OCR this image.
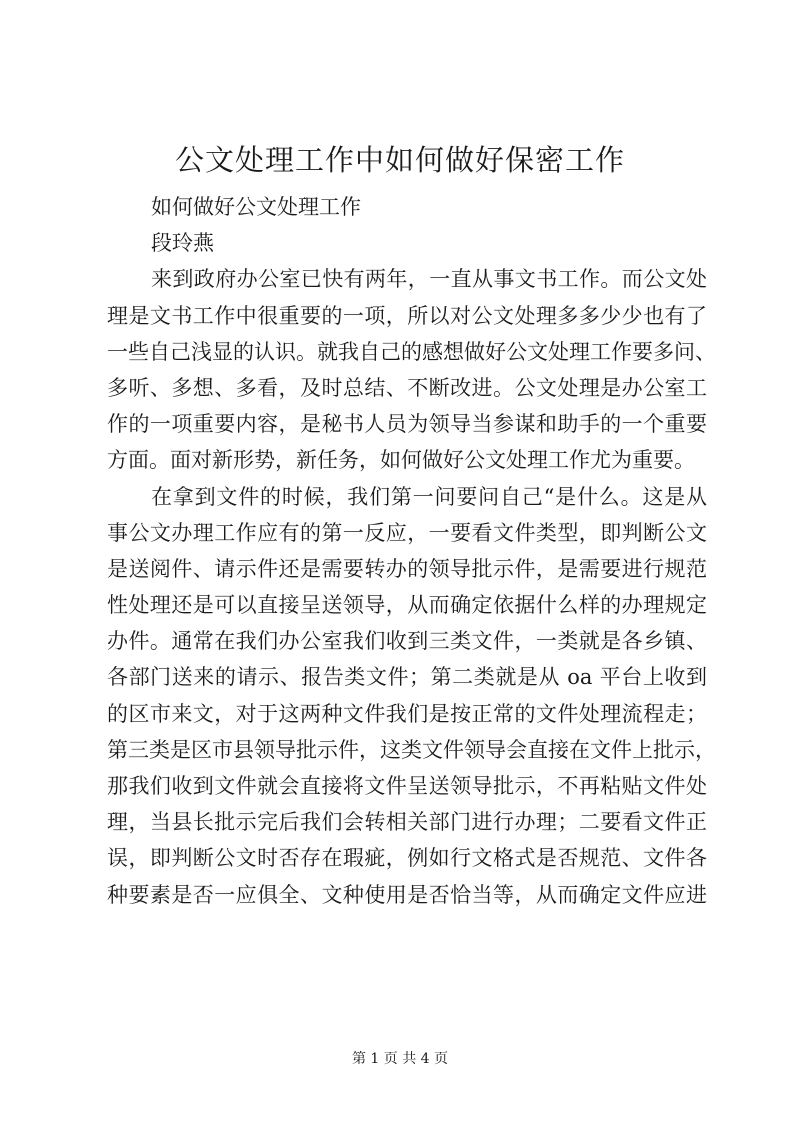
公文处理工作中如何做好保密工作
如何做好公文处理工作
段玲燕
来到政府办公室已快有两年，一直从事文书工作。而公文处
理是文书工作中很重要的一项，所以对公文处理多多少少也有了
一些自己浅显的认识。就我自己的感想做好公文处理工作要多问、
多听、多想、多看，及时总结、不断改进。公文处理是办公室工
作的一项重要内容，是秘书人员为领导当参谋和助手的一个重要
方面。面对新形势，新任务，如何做好公文处理工作尤为重要。
在拿到文件的时候，我们第一问要问自己“是什么。这是从
事公文办理工作应有的第一反应，一要看文件类型，即判断公文
是送阅件、请示件还是需要转办的领导批示件，是需要进行规范
性处理还是可以直接呈送领导，从而确定依据什么样的办理规定
办件。通常在我们办公室我们收到三类文件，一类就是各乡镇、
各部门送来的请示、报告类文件；第二类就是从 oa 平台上收到
的区市来文，对于这两种文件我们是按正常的文件处理流程走；
第三类是区市县领导批示件，这类文件领导会直接在文件上批示，
那我们收到文件就会直接将文件呈送领导批示，不再粘贴文件处
理，当县长批示完后我们会转相关部门进行办理；二要看文件正
误，即判断公文时否存在瑕疵，例如行文格式是否规范、文件各
种要素是否一应俱全、文种使用是否恰当等，从而确定文件应进
第 1 页 共 4 页
